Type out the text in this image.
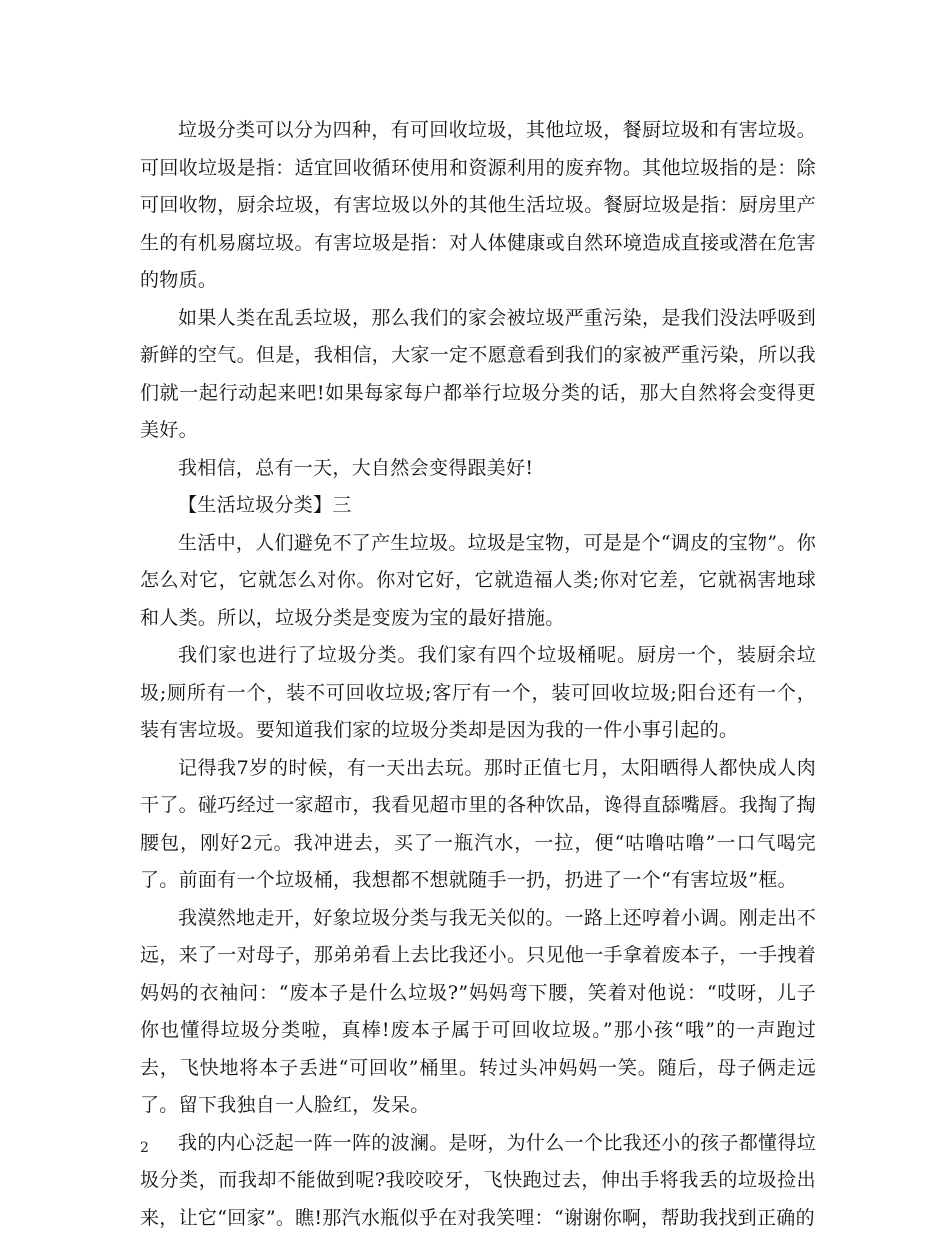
垃圾分类可以分为四种，有可回收垃圾，其他垃圾，餐厨垃圾和有害垃圾。可回收垃圾是指：适宜回收循环使用和资源利用的废弃物。其他垃圾指的是：除可回收物，厨余垃圾，有害垃圾以外的其他生活垃圾。餐厨垃圾是指：厨房里产生的有机易腐垃圾。有害垃圾是指：对人体健康或自然环境造成直接或潜在危害的物质。

如果人类在乱丢垃圾，那么我们的家会被垃圾严重污染，是我们没法呼吸到新鲜的空气。但是，我相信，大家一定不愿意看到我们的家被严重污染，所以我们就一起行动起来吧!如果每家每户都举行垃圾分类的话，那大自然将会变得更美好。

我相信，总有一天，大自然会变得跟美好!

【生活垃圾分类】三

生活中，人们避免不了产生垃圾。垃圾是宝物，可是是个“调皮的宝物”。你怎么对它，它就怎么对你。你对它好，它就造福人类;你对它差，它就祸害地球和人类。所以，垃圾分类是变废为宝的最好措施。

我们家也进行了垃圾分类。我们家有四个垃圾桶呢。厨房一个，装厨余垃圾;厕所有一个，装不可回收垃圾;客厅有一个，装可回收垃圾;阳台还有一个，装有害垃圾。要知道我们家的垃圾分类却是因为我的一件小事引起的。

记得我7岁的时候，有一天出去玩。那时正值七月，太阳晒得人都快成人肉干了。碰巧经过一家超市，我看见超市里的各种饮品，谗得直舔嘴唇。我掏了掏腰包，刚好2元。我冲进去，买了一瓶汽水，一拉，便“咕噜咕噜”一口气喝完了。前面有一个垃圾桶，我想都不想就随手一扔，扔进了一个“有害垃圾”框。

我漠然地走开，好象垃圾分类与我无关似的。一路上还哼着小调。刚走出不远，来了一对母子，那弟弟看上去比我还小。只见他一手拿着废本子，一手拽着妈妈的衣袖问：“废本子是什么垃圾?”妈妈弯下腰，笑着对他说：“哎呀，儿子你也懂得垃圾分类啦，真棒!废本子属于可回收垃圾。”那小孩“哦”的一声跑过去，飞快地将本子丢进“可回收”桶里。转过头冲妈妈一笑。随后，母子俩走远了。留下我独自一人脸红，发呆。

我的内心泛起一阵一阵的波澜。是呀，为什么一个比我还小的孩子都懂得垃圾分类，而我却不能做到呢?我咬咬牙，飞快跑过去，伸出手将我丢的垃圾捡出来，让它“回家”。瞧!那汽水瓶似乎在对我笑哩：“谢谢你啊，帮助我找到正确的

2
